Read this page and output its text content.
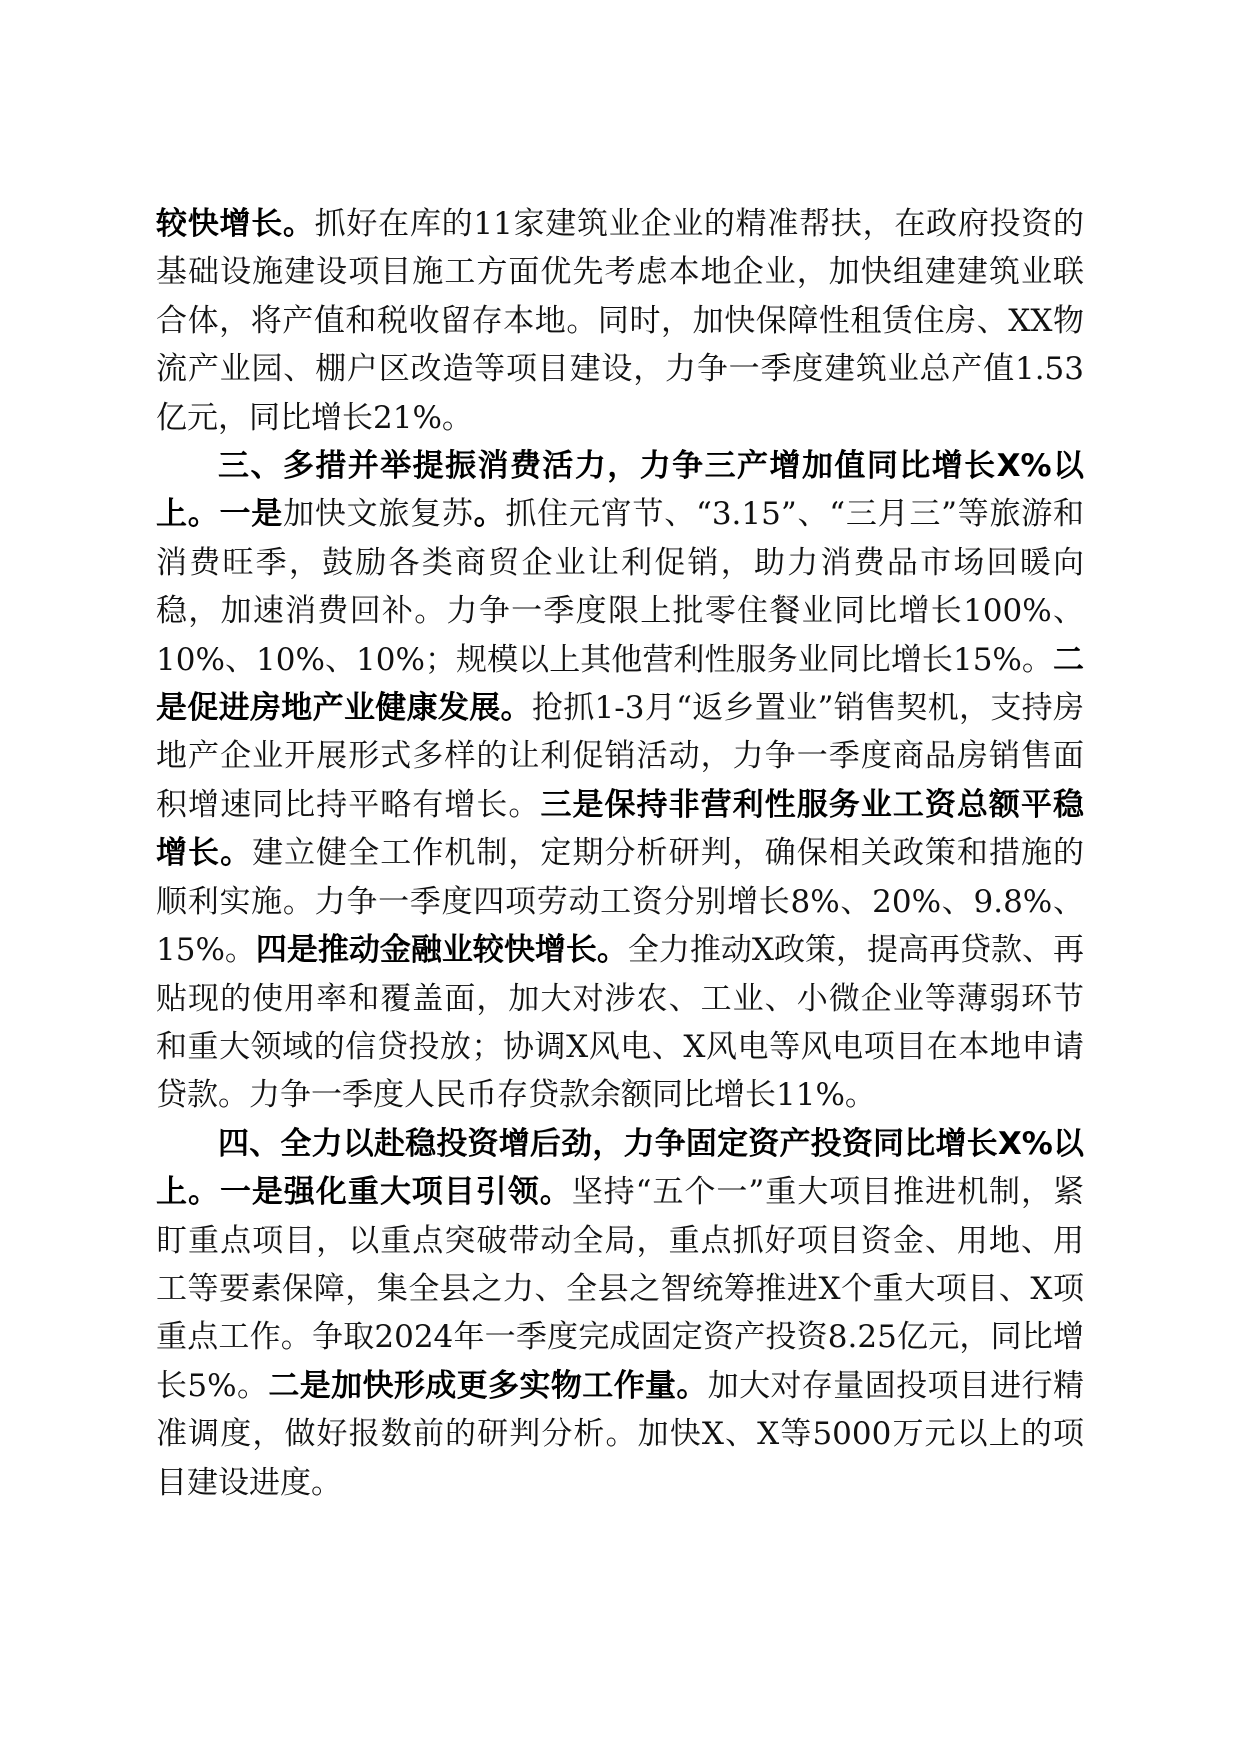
较快增长。抓好在库的11家建筑业企业的精准帮扶，在政府投资的基础设施建设项目施工方面优先考虑本地企业，加快组建建筑业联合体，将产值和税收留存本地。同时，加快保障性租赁住房、XX物流产业园、棚户区改造等项目建设，力争一季度建筑业总产值1.53亿元，同比增长21%。

三、多措并举提振消费活力，力争三产增加值同比增长X%以上。一是加快文旅复苏。抓住元宵节、“3.15”、“三月三”等旅游和消费旺季，鼓励各类商贸企业让利促销，助力消费品市场回暖向稳，加速消费回补。力争一季度限上批零住餐业同比增长100%、10%、10%、10%；规模以上其他营利性服务业同比增长15%。二是促进房地产业健康发展。抢抓1-3月“返乡置业”销售契机，支持房地产企业开展形式多样的让利促销活动，力争一季度商品房销售面积增速同比持平略有增长。三是保持非营利性服务业工资总额平稳增长。建立健全工作机制，定期分析研判，确保相关政策和措施的顺利实施。力争一季度四项劳动工资分别增长8%、20%、9.8%、15%。四是推动金融业较快增长。全力推动X政策，提高再贷款、再贴现的使用率和覆盖面，加大对涉农、工业、小微企业等薄弱环节和重大领域的信贷投放；协调X风电、X风电等风电项目在本地申请贷款。力争一季度人民币存贷款余额同比增长11%。

四、全力以赴稳投资增后劲，力争固定资产投资同比增长X%以上。一是强化重大项目引领。坚持“五个一”重大项目推进机制，紧盯重点项目，以重点突破带动全局，重点抓好项目资金、用地、用工等要素保障，集全县之力、全县之智统筹推进X个重大项目、X项重点工作。争取2024年一季度完成固定资产投资8.25亿元，同比增长5%。二是加快形成更多实物工作量。加大对存量固投项目进行精准调度，做好报数前的研判分析。加快X、X等5000万元以上的项目建设进度。
